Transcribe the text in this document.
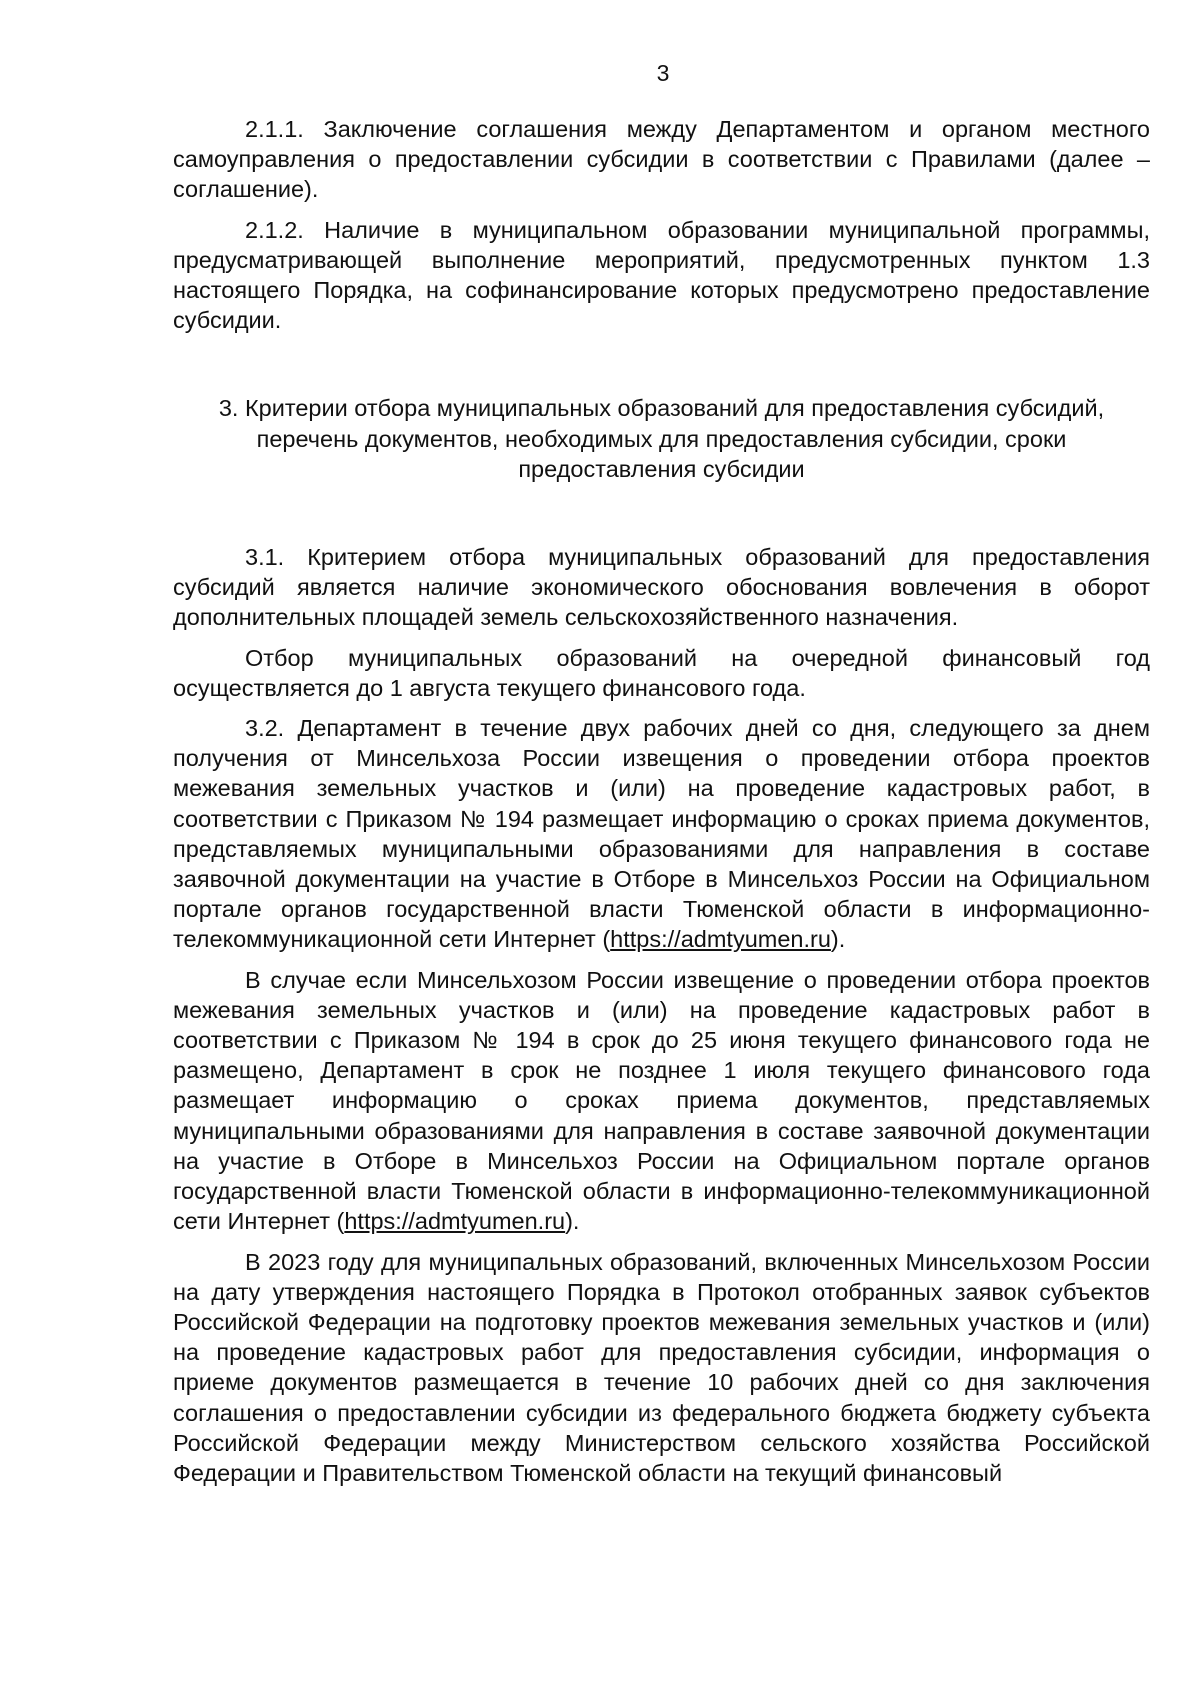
3

2.1.1. Заключение соглашения между Департаментом и органом местного самоуправления о предоставлении субсидии в соответствии с Правилами (далее – соглашение).

2.1.2. Наличие в муниципальном образовании муниципальной программы, предусматривающей выполнение мероприятий, предусмотренных пунктом 1.3 настоящего Порядка, на софинансирование которых предусмотрено предоставление субсидии.

3. Критерии отбора муниципальных образований для предоставления субсидий, перечень документов, необходимых для предоставления субсидии, сроки предоставления субсидии

3.1. Критерием отбора муниципальных образований для предоставления субсидий является наличие экономического обоснования вовлечения в оборот дополнительных площадей земель сельскохозяйственного назначения.

Отбор муниципальных образований на очередной финансовый год осуществляется до 1 августа текущего финансового года.

3.2. Департамент в течение двух рабочих дней со дня, следующего за днем получения от Минсельхоза России извещения о проведении отбора проектов межевания земельных участков и (или) на проведение кадастровых работ, в соответствии с Приказом № 194 размещает информацию о сроках приема документов, представляемых муниципальными образованиями для направления в составе заявочной документации на участие в Отборе в Минсельхоз России на Официальном портале органов государственной власти Тюменской области в информационно-телекоммуникационной сети Интернет (https://admtyumen.ru).

В случае если Минсельхозом России извещение о проведении отбора проектов межевания земельных участков и (или) на проведение кадастровых работ в соответствии с Приказом № 194 в срок до 25 июня текущего финансового года не размещено, Департамент в срок не позднее 1 июля текущего финансового года размещает информацию о сроках приема документов, представляемых муниципальными образованиями для направления в составе заявочной документации на участие в Отборе в Минсельхоз России на Официальном портале органов государственной власти Тюменской области в информационно-телекоммуникационной сети Интернет (https://admtyumen.ru).

В 2023 году для муниципальных образований, включенных Минсельхозом России на дату утверждения настоящего Порядка в Протокол отобранных заявок субъектов Российской Федерации на подготовку проектов межевания земельных участков и (или) на проведение кадастровых работ для предоставления субсидии, информация о приеме документов размещается в течение 10 рабочих дней со дня заключения соглашения о предоставлении субсидии из федерального бюджета бюджету субъекта Российской Федерации между Министерством сельского хозяйства Российской Федерации и Правительством Тюменской области на текущий финансовый
